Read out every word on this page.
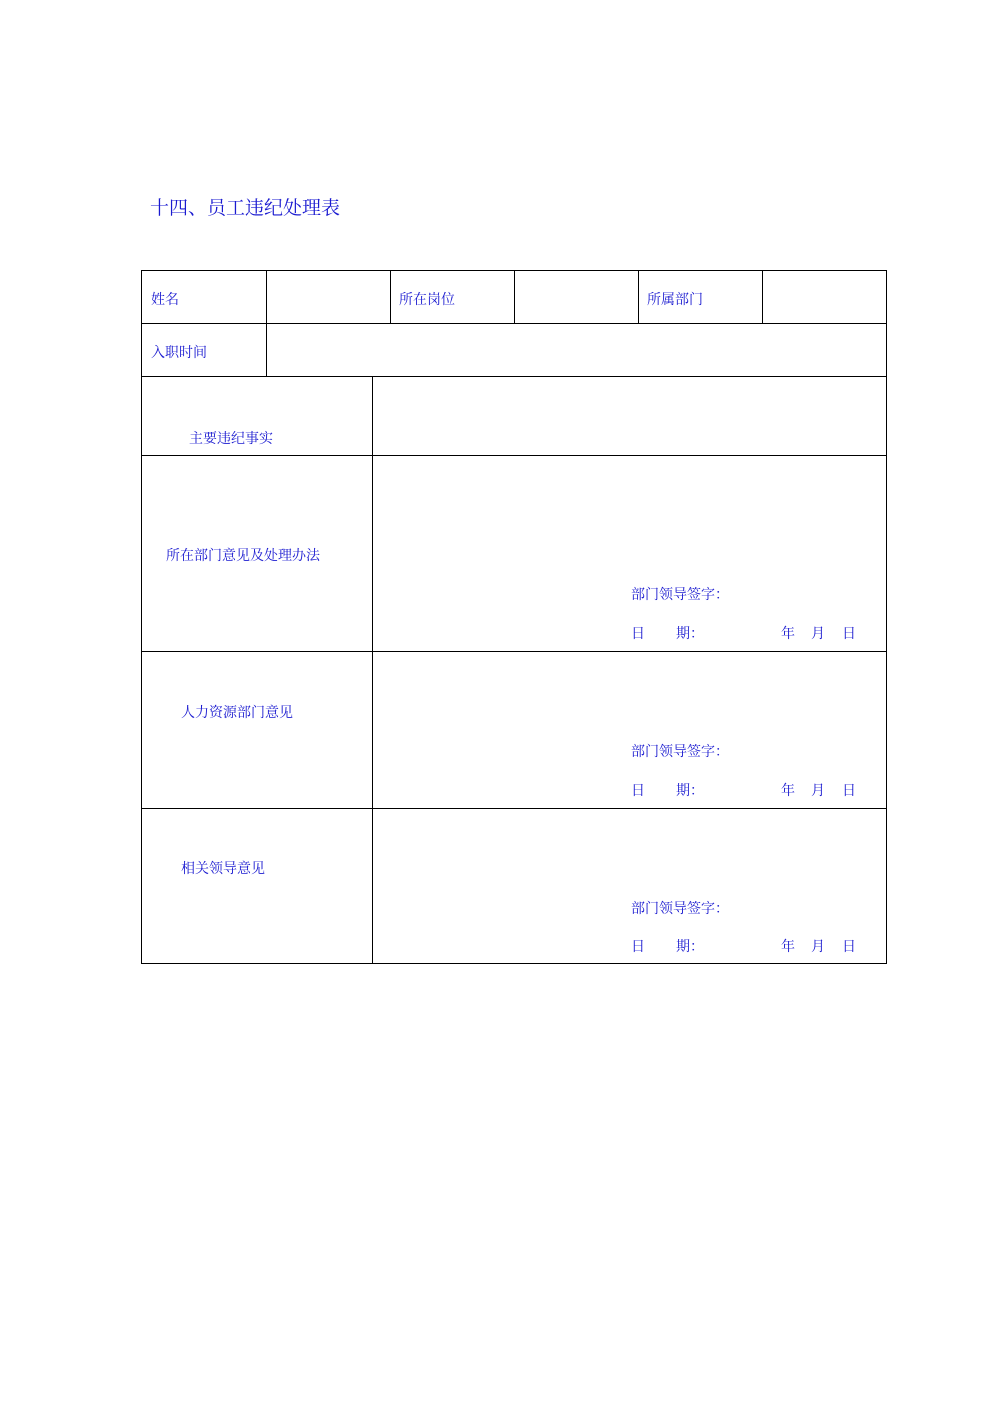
十四、员工违纪处理表
姓名	所在岗位	所属部门
入职时间
主要违纪事实
所在部门意见及处理办法
部门领导签字：
日 期：	年 月 日
人力资源部门意见
部门领导签字：
日 期：	年 月 日
相关领导意见
部门领导签字：
日 期：	年 月 日
